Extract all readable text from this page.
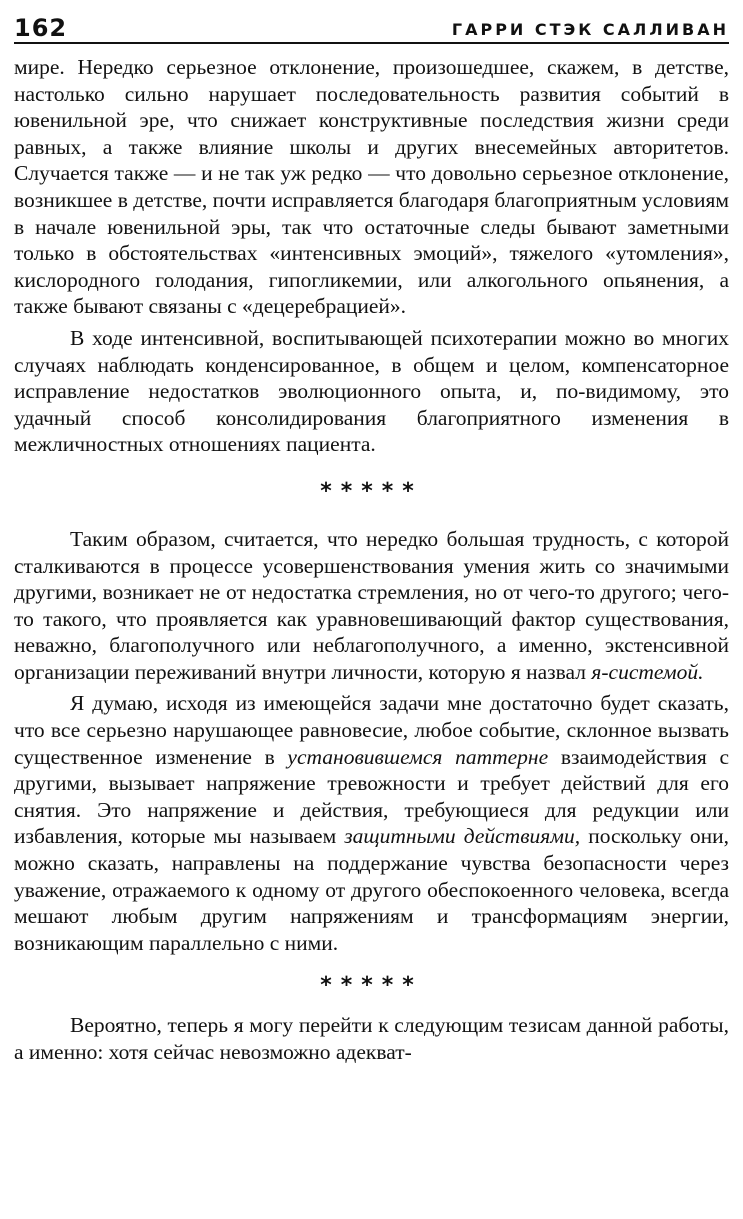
162	ГАРРИ СТЭК САЛЛИВАН

мире. Нередко серьезное отклонение, произошедшее, скажем, в детстве, настолько сильно нарушает последовательность развития событий в ювенильной эре, что снижает конструктивные последствия жизни среди равных, а также влияние школы и других внесемейных авторитетов. Случается также — и не так уж редко — что довольно серьезное отклонение, возникшее в детстве, почти исправляется благодаря благоприятным условиям в начале ювенильной эры, так что остаточные следы бывают заметными только в обстоятельствах «интенсивных эмоций», тяжелого «утомления», кислородного голодания, гипогликемии, или алкогольного опьянения, а также бывают связаны с «децеребрацией».

В ходе интенсивной, воспитывающей психотерапии можно во многих случаях наблюдать конденсированное, в общем и целом, компенсаторное исправление недостатков эволюционного опыта, и, по-видимому, это удачный способ консолидирования благоприятного изменения в межличностных отношениях пациента.

*****

Таким образом, считается, что нередко большая трудность, с которой сталкиваются в процессе усовершенствования умения жить со значимыми другими, возникает не от недостатка стремления, но от чего-то другого; чего-то такого, что проявляется как уравновешивающий фактор существования, неважно, благополучного или неблагополучного, а именно, экстенсивной организации переживаний внутри личности, которую я назвал я-системой.

Я думаю, исходя из имеющейся задачи мне достаточно будет сказать, что все серьезно нарушающее равновесие, любое событие, склонное вызвать существенное изменение в установившемся паттерне взаимодействия с другими, вызывает напряжение тревожности и требует действий для его снятия. Это напряжение и действия, требующиеся для редукции или избавления, которые мы называем защитными действиями, поскольку они, можно сказать, направлены на поддержание чувства безопасности через уважение, отражаемого к одному от другого обеспокоенного человека, всегда мешают любым другим напряжениям и трансформациям энергии, возникающим параллельно с ними.

*****

Вероятно, теперь я могу перейти к следующим тезисам данной работы, а именно: хотя сейчас невозможно адекват-
